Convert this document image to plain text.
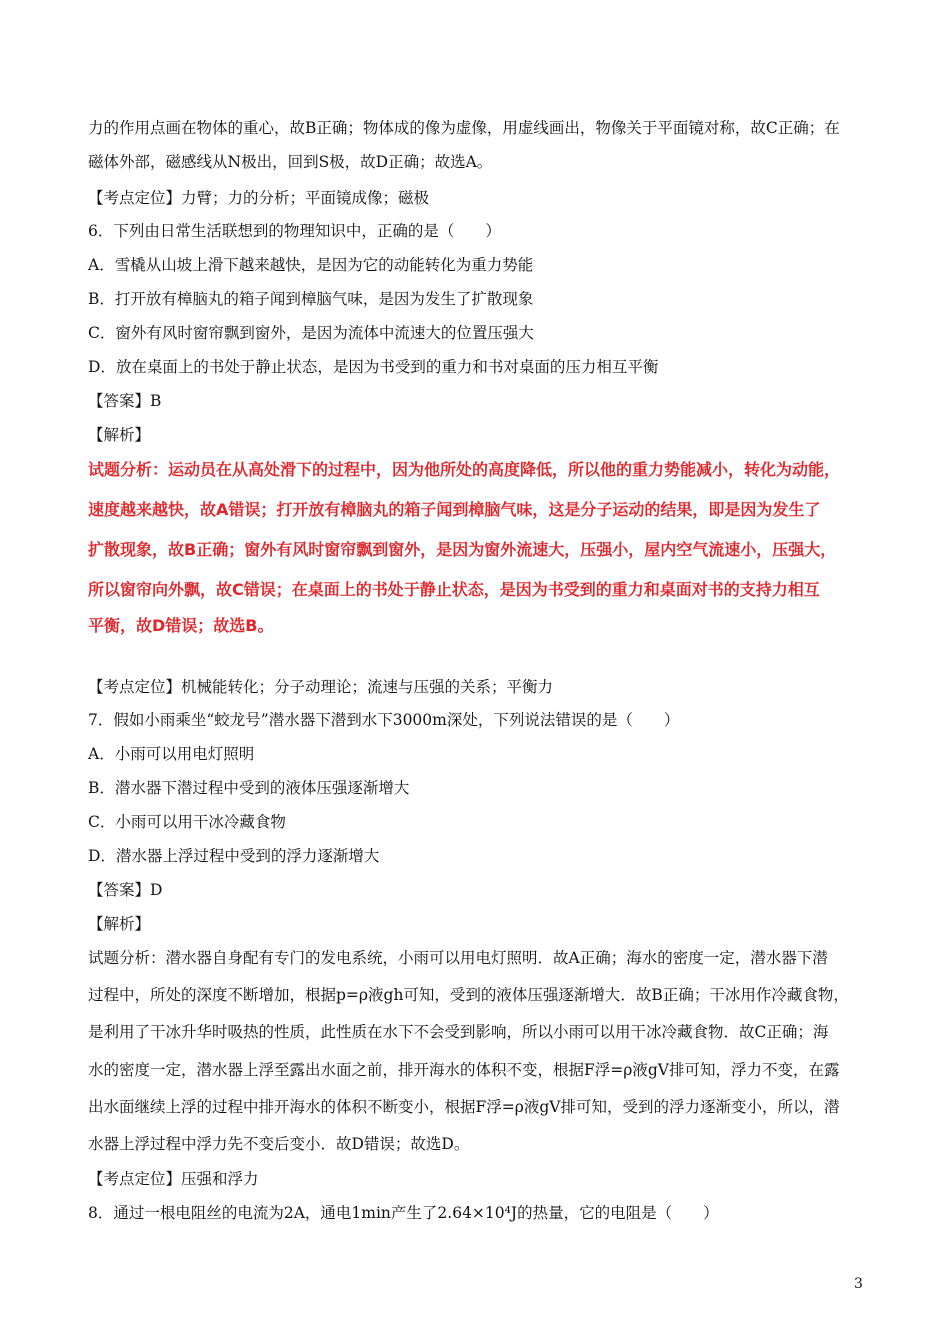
力的作用点画在物体的重心，故B正确；物体成的像为虚像，用虚线画出，物像关于平面镜对称，故C正确；在
磁体外部，磁感线从N极出，回到S极，故D正确；故选A。
【考点定位】力臂；力的分析；平面镜成像；磁极
6．下列由日常生活联想到的物理知识中，正确的是（　　）
A．雪橇从山坡上滑下越来越快，是因为它的动能转化为重力势能
B．打开放有樟脑丸的箱子闻到樟脑气味，是因为发生了扩散现象
C．窗外有风时窗帘飘到窗外，是因为流体中流速大的位置压强大
D．放在桌面上的书处于静止状态，是因为书受到的重力和书对桌面的压力相互平衡
【答案】B
【解析】
试题分析：运动员在从高处滑下的过程中，因为他所处的高度降低，所以他的重力势能减小，转化为动能，
速度越来越快，故A错误；打开放有樟脑丸的箱子闻到樟脑气味，这是分子运动的结果，即是因为发生了
扩散现象，故B正确；窗外有风时窗帘飘到窗外，是因为窗外流速大，压强小，屋内空气流速小，压强大，
所以窗帘向外飘，故C错误；在桌面上的书处于静止状态，是因为书受到的重力和桌面对书的支持力相互
平衡，故D错误；故选B。
【考点定位】机械能转化；分子动理论；流速与压强的关系；平衡力
7．假如小雨乘坐“蛟龙号”潜水器下潜到水下3000m深处，下列说法错误的是（　　）
A．小雨可以用电灯照明
B．潜水器下潜过程中受到的液体压强逐渐增大
C．小雨可以用干冰冷藏食物
D．潜水器上浮过程中受到的浮力逐渐增大
【答案】D
【解析】
试题分析：潜水器自身配有专门的发电系统，小雨可以用电灯照明．故A正确；海水的密度一定，潜水器下潜
过程中，所处的深度不断增加，根据p=ρ液gh可知，受到的液体压强逐渐增大．故B正确；干冰用作冷藏食物，
是利用了干冰升华时吸热的性质，此性质在水下不会受到影响，所以小雨可以用干冰冷藏食物．故C正确；海
水的密度一定，潜水器上浮至露出水面之前，排开海水的体积不变，根据F浮=ρ液gV排可知，浮力不变，在露
出水面继续上浮的过程中排开海水的体积不断变小，根据F浮=ρ液gV排可知，受到的浮力逐渐变小，所以，潜
水器上浮过程中浮力先不变后变小．故D错误；故选D。
【考点定位】压强和浮力
8．通过一根电阻丝的电流为2A，通电1min产生了2.64×10⁴J的热量，它的电阻是（　　）
3
